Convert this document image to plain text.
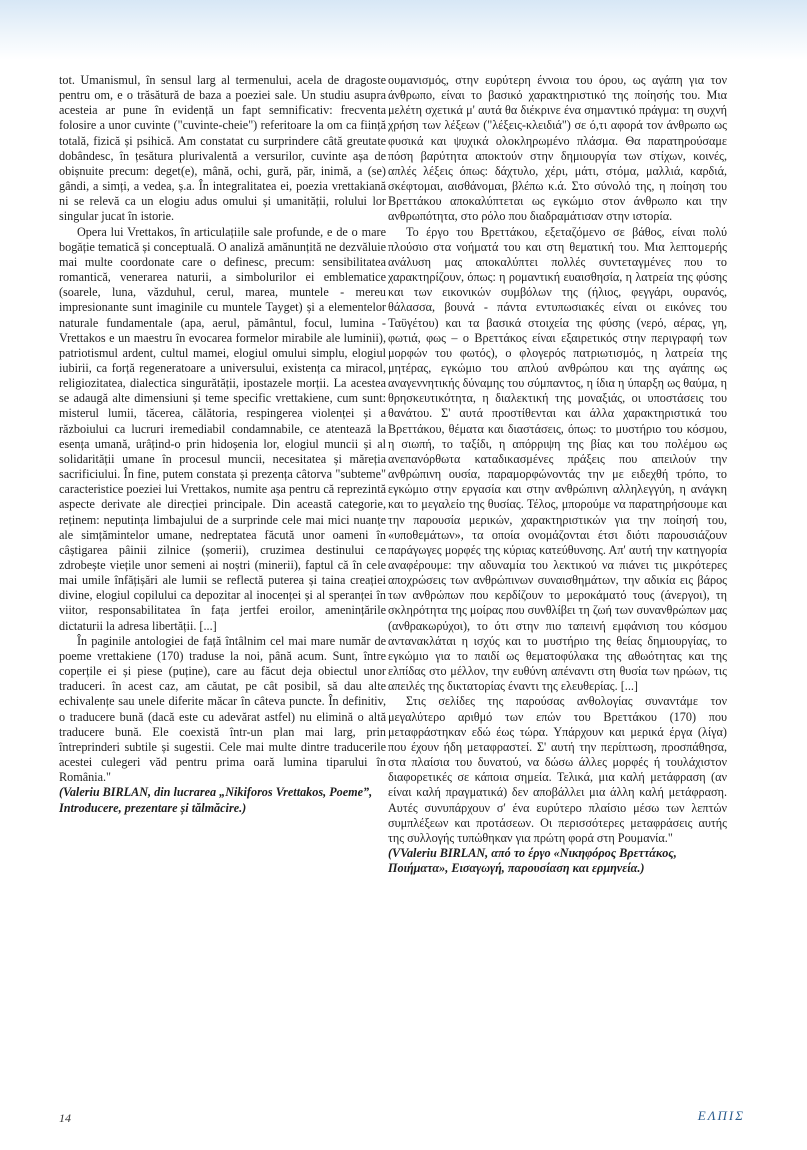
tot. Umanismul, în sensul larg al termenului, acela de dragoste pentru om, e o trăsătură de baza a poeziei sale. Un studiu asupra acesteia ar pune în evidență un fapt semnificativ: frecventa folosire a unor cuvinte ("cuvinte-cheie") referitoare la om ca ființă totală, fizică și psihică. Am constatat cu surprindere câtă greutate dobândesc, în țesătura plurivalentă a versurilor, cuvinte așa de obișnuite precum: deget(e), mână, ochi, gură, păr, inimă, a (se) gândi, a simți, a vedea, ș.a. În integralitatea ei, poezia vrettakiană ni se relevă ca un elogiu adus omului și umanității, rolului lor singular jucat în istorie.

Opera lui Vrettakos, în articulațiile sale profunde, e de o mare bogăție tematică și conceptuală. O analiză amănunțită ne dezvăluie mai multe coordonate care o definesc, precum: sensibilitatea romantică, venerarea naturii, a simbolurilor ei emblematice (soarele, luna, văzduhul, cerul, marea, muntele - mereu impresionante sunt imaginile cu muntele Tayget) și a elementelor naturale fundamentale (apa, aerul, pământul, focul, lumina - Vrettakos e un maestru în evocarea formelor mirabile ale luminii), patriotismul ardent, cultul mamei, elogiul omului simplu, elogiul iubirii, ca forță regeneratoare a universului, existența ca miracol, religiozitatea, dialectica singurătății, ipostazele morții. La acestea se adaugă alte dimensiuni și teme specific vrettakiene, cum sunt: misterul lumii, tăcerea, călătoria, respingerea violenței și a războiului ca lucruri iremediabil condamnabile, ce atentează la esența umană, urâțind-o prin hidoșenia lor, elogiul muncii și al solidarității umane în procesul muncii, necesitatea și măreția sacrificiului. În fine, putem constata și prezența câtorva "subteme" caracteristice poeziei lui Vrettakos, numite așa pentru că reprezintă aspecte derivate ale direcției principale. Din această categorie, reținem: neputința limbajului de a surprinde cele mai mici nuanțe ale simțămintelor umane, nedreptatea făcută unor oameni în câștigarea pâinii zilnice (șomerii), cruzimea destinului ce zdrobește viețile unor semeni ai noștri (minerii), faptul că în cele mai umile înfățișări ale lumii se reflectă puterea și taina creației divine, elogiul copilului ca depozitar al inocenței și al speranței în viitor, responsabilitatea în fața jertfei eroilor, amenințările dictaturii la adresa libertății. [...]

În paginile antologiei de față întâlnim cel mai mare număr de poeme vrettakiene (170) traduse la noi, până acum. Sunt, între coperțile ei și piese (puține), care au făcut deja obiectul unor traduceri. în acest caz, am căutat, pe cât posibil, să dau alte echivalențe sau unele diferite măcar în câteva puncte. În definitiv, o traducere bună (dacă este cu adevărat astfel) nu elimină o altă traducere bună. Ele coexistă într-un plan mai larg, prin întreprinderi subtile și sugestii. Cele mai multe dintre traducerile acestei culegeri văd pentru prima oară lumina tiparului în România."

(Valeriu BIRLAN, din lucrarea „Nikiforos Vrettakos, Poeme”, Introducere, prezentare și tălmăcire.)

ουμανισμός, στην ευρύτερη έννοια του όρου, ως αγάπη για τον άνθρωπο, είναι το βασικό χαρακτηριστικό της ποίησής του. Μια μελέτη σχετικά μ' αυτά θα διέκρινε ένα σημαντικό πράγμα: τη συχνή χρήση των λέξεων ("λέξεις-κλειδιά") σε ό,τι αφορά τον άνθρωπο ως φυσικά και ψυχικά ολοκληρωμένο πλάσμα. Θα παρατηρούσαμε πόση βαρύτητα αποκτούν στην δημιουργία των στίχων, κοινές, απλές λέξεις όπως: δάχτυλο, χέρι, μάτι, στόμα, μαλλιά, καρδιά, σκέφτομαι, αισθάνομαι, βλέπω κ.ά. Στο σύνολό της, η ποίηση του Βρεττάκου αποκαλύπτεται ως εγκώμιο στον άνθρωπο και την ανθρωπότητα, στο ρόλο που διαδραμάτισαν στην ιστορία.

Το έργο του Βρεττάκου, εξεταζόμενο σε βάθος, είναι πολύ πλούσιο στα νοήματά του και στη θεματική του. Μια λεπτομερής ανάλυση μας αποκαλύπτει πολλές συντεταγμένες που το χαρακτηρίζουν, όπως: η ρομαντική ευαισθησία, η λατρεία της φύσης και των εικονικών συμβόλων της (ήλιος, φεγγάρι, ουρανός, θάλασσα, βουνά - πάντα εντυπωσιακές είναι οι εικόνες του Ταϋγέτου) και τα βασικά στοιχεία της φύσης (νερό, αέρας, γη, φωτιά, φως – ο Βρεττάκος είναι εξαιρετικός στην περιγραφή των μορφών του φωτός), ο φλογερός πατριωτισμός, η λατρεία της μητέρας, εγκώμιο του απλού ανθρώπου και της αγάπης ως αναγεννητικής δύναμης του σύμπαντος, η ίδια η ύπαρξη ως θαύμα, η θρησκευτικότητα, η διαλεκτική της μοναξιάς, οι υποστάσεις του θανάτου. Σ' αυτά προστίθενται και άλλα χαρακτηριστικά του Βρεττάκου, θέματα και διαστάσεις, όπως: το μυστήριο του κόσμου, η σιωπή, το ταξίδι, η απόρριψη της βίας και του πολέμου ως ανεπανόρθωτα καταδικασμένες πράξεις που απειλούν την ανθρώπινη ουσία, παραμορφώνοντάς την με ειδεχθή τρόπο, το εγκώμιο στην εργασία και στην ανθρώπινη αλληλεγγύη, η ανάγκη και το μεγαλείο της θυσίας. Τέλος, μπορούμε να παρατηρήσουμε και την παρουσία μερικών, χαρακτηριστικών για την ποίησή του, «υποθεμάτων», τα οποία ονομάζονται έτσι διότι παρουσιάζουν παράγωγες μορφές της κύριας κατεύθυνσης. Απ' αυτή την κατηγορία αναφέρουμε: την αδυναμία του λεκτικού να πιάνει τις μικρότερες αποχρώσεις των ανθρώπινων συναισθημάτων, την αδικία εις βάρος των ανθρώπων που κερδίζουν το μεροκάματό τους (άνεργοι), τη σκληρότητα της μοίρας που συνθλίβει τη ζωή των συνανθρώπων μας (ανθρακωρύχοι), το ότι στην πιο ταπεινή εμφάνιση του κόσμου αντανακλάται η ισχύς και το μυστήριο της θείας δημιουργίας, το εγκώμιο για το παιδί ως θεματοφύλακα της αθωότητας και της ελπίδας στο μέλλον, την ευθύνη απέναντι στη θυσία των ηρώων, τις απειλές της δικτατορίας έναντι της ελευθερίας. [...]

Στις σελίδες της παρούσας ανθολογίας συναντάμε τον μεγαλύτερο αριθμό των επών του Βρεττάκου (170) που μεταφράστηκαν εδώ έως τώρα. Υπάρχουν και μερικά έργα (λίγα) που έχουν ήδη μεταφραστεί. Σ' αυτή την περίπτωση, προσπάθησα, στα πλαίσια του δυνατού, να δώσω άλλες μορφές ή τουλάχιστον διαφορετικές σε κάποια σημεία. Τελικά, μια καλή μετάφραση (αν είναι καλή πραγματικά) δεν αποβάλλει μια άλλη καλή μετάφραση. Αυτές συνυπάρχουν σ' ένα ευρύτερο πλαίσιο μέσω των λεπτών συμπλέξεων και προτάσεων. Οι περισσότερες μεταφράσεις αυτής της συλλογής τυπώθηκαν για πρώτη φορά στη Ρουμανία."

(VValeriu BIRLAN, από το έργο «Νικηφόρος Βρεττάκος, Ποιήματα», Εισαγωγή, παρουσίαση και ερμηνεία.)

14	ΕΛΠΙΣ
